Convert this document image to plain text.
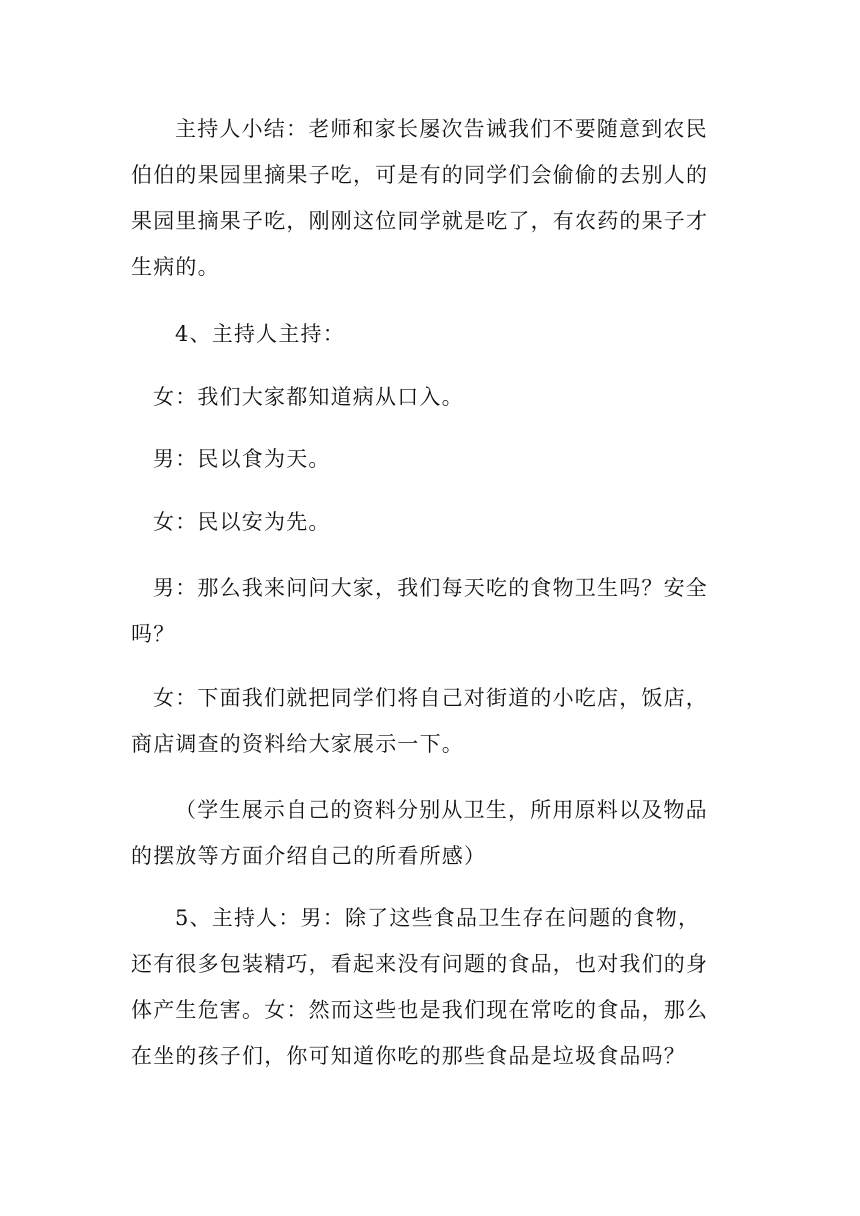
主持人小结：老师和家长屡次告诫我们不要随意到农民
伯伯的果园里摘果子吃，可是有的同学们会偷偷的去别人的
果园里摘果子吃，刚刚这位同学就是吃了，有农药的果子才
生病的。

4、主持人主持：

女：我们大家都知道病从口入。

男：民以食为天。

女：民以安为先。

男：那么我来问问大家，我们每天吃的食物卫生吗？安全
吗？

女：下面我们就把同学们将自己对街道的小吃店，饭店，
商店调查的资料给大家展示一下。

（学生展示自己的资料分别从卫生，所用原料以及物品
的摆放等方面介绍自己的所看所感）

5、主持人：男：除了这些食品卫生存在问题的食物，
还有很多包装精巧，看起来没有问题的食品，也对我们的身
体产生危害。女：然而这些也是我们现在常吃的食品，那么
在坐的孩子们，你可知道你吃的那些食品是垃圾食品吗？
